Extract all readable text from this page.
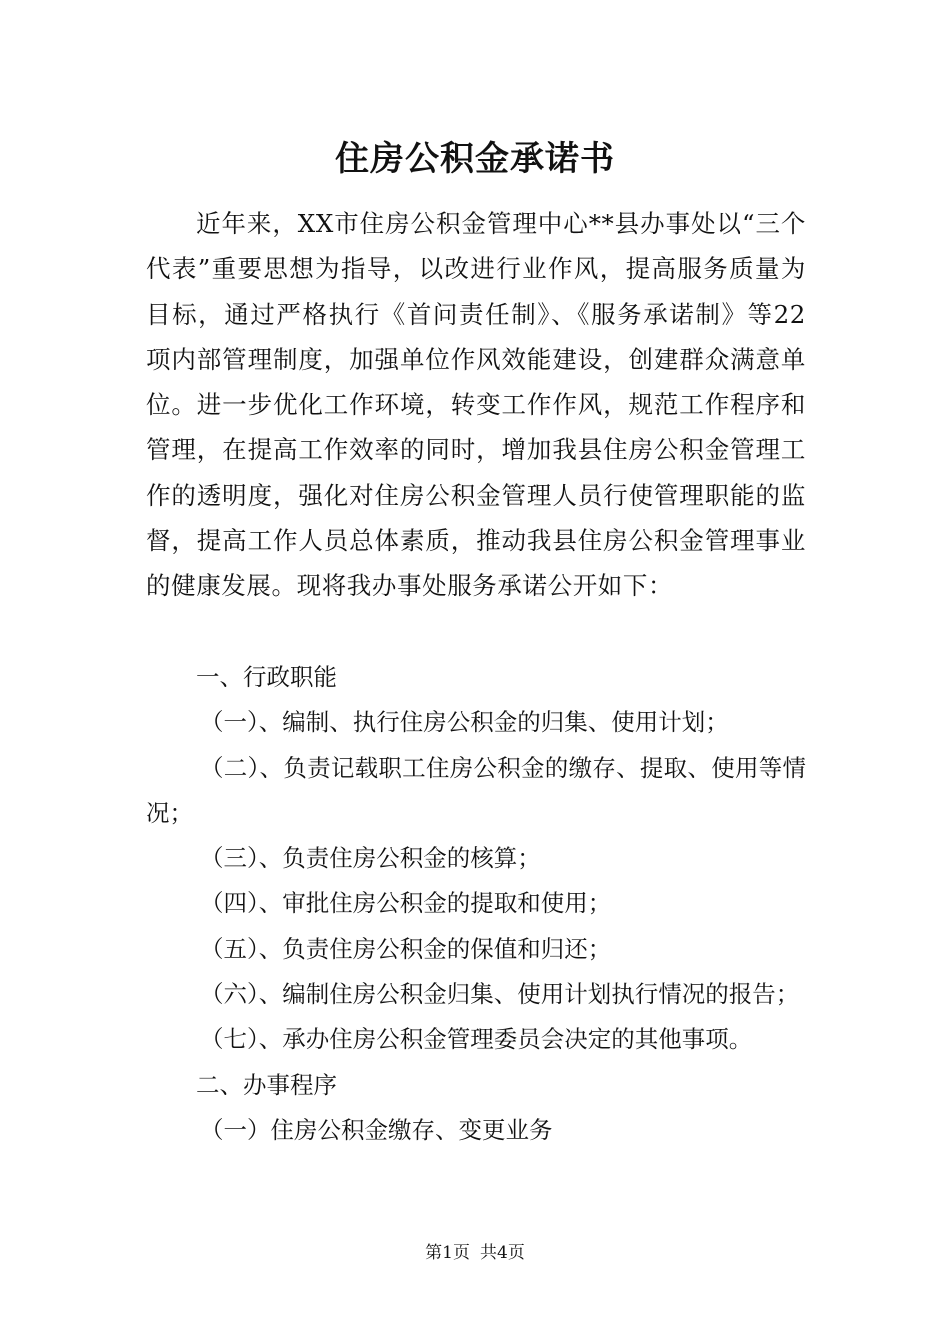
住房公积金承诺书

近年来，XX市住房公积金管理中心**县办事处以“三个代表”重要思想为指导，以改进行业作风，提高服务质量为目标，通过严格执行《首问责任制》、《服务承诺制》等22项内部管理制度，加强单位作风效能建设，创建群众满意单位。进一步优化工作环境，转变工作作风，规范工作程序和管理，在提高工作效率的同时，增加我县住房公积金管理工作的透明度，强化对住房公积金管理人员行使管理职能的监督，提高工作人员总体素质，推动我县住房公积金管理事业的健康发展。现将我办事处服务承诺公开如下：

一、行政职能

（一）、编制、执行住房公积金的归集、使用计划；

（二）、负责记载职工住房公积金的缴存、提取、使用等情况；

（三）、负责住房公积金的核算；

（四）、审批住房公积金的提取和使用；

（五）、负责住房公积金的保值和归还；

（六）、编制住房公积金归集、使用计划执行情况的报告；

（七）、承办住房公积金管理委员会决定的其他事项。

二、办事程序

（一）住房公积金缴存、变更业务

第1页 共4页
